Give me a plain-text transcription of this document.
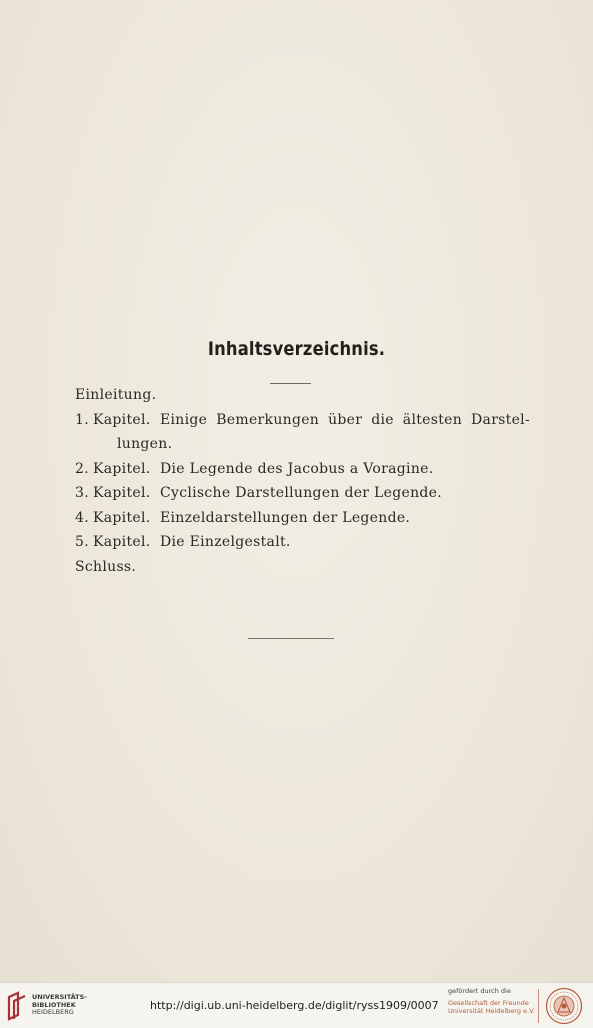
Inhaltsverzeichnis.
Einleitung.
1. Kapitel. Einige Bemerkungen über die ältesten Darstel-
lungen.
2. Kapitel. Die Legende des Jacobus a Voragine.
3. Kapitel. Cyclische Darstellungen der Legende.
4. Kapitel. Einzeldarstellungen der Legende.
5. Kapitel. Die Einzelgestalt.
Schluss.
UNIVERSITÄTS-
BIBLIOTHEK
HEIDELBERG	http://digi.ub.uni-heidelberg.de/diglit/ryss1909/0007
gefördert durch die
Gesellschaft der Freunde
Universität Heidelberg e.V.
